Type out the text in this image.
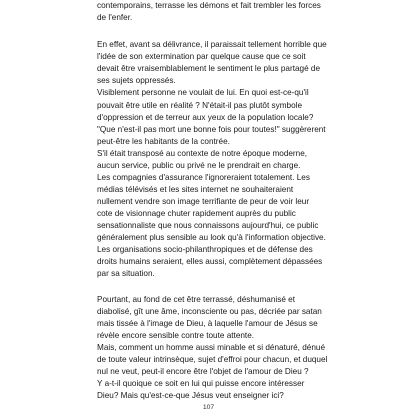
contemporains, terrasse les démons et fait trembler les forces
de l'enfer.
En effet, avant sa délivrance, il paraissait tellement horrible que
l'idée de son extermination par quelque cause que ce soit
devait être vraisemblablement le sentiment le plus partagé de
ses sujets oppressés.
Visiblement personne ne voulait de lui. En quoi est-ce-qu'il
pouvait être utile en réalité ? N'était-il pas plutôt symbole
d'oppression et de terreur aux yeux de la population locale?
"Que n'est-il pas mort une bonne fois pour toutes!" suggèrerent
peut-être les habitants de la contrée.
S'il était transposé au contexte de notre époque moderne,
aucun service, public ou privé ne le prendrait en charge.
Les compagnies d'assurance l'ignoreraient totalement. Les
médias télévisés et les sites internet ne souhaiteraient
nullement vendre son image terrifiante de peur de voir leur
cote de visionnage chuter rapidement auprès du public
sensationnaliste que nous connaissons aujourd'hui, ce public
généralement plus sensible au look qu'à l'information objective.
Les organisations socio-philanthropiques et de défense des
droits humains seraient, elles aussi, complètement dépassées
par sa situation.
Pourtant, au fond de cet être terrassé, déshumanisé et
diabolisé, gît une âme, inconsciente ou pas, décriée par satan
mais tissée à l'image de Dieu, à laquelle l'amour de Jésus se
révèle encore sensible contre toute attente.
Mais, comment un homme aussi minable et si dénaturé, dénué
de toute valeur intrinsèque, sujet d'effroi pour chacun, et duquel
nul ne veut, peut-il encore être l'objet de l'amour de Dieu ?
Y a-t-il quoique ce soit en lui qui puisse encore intéresser
Dieu? Mais qu'est-ce-que Jésus veut enseigner ici?
107
